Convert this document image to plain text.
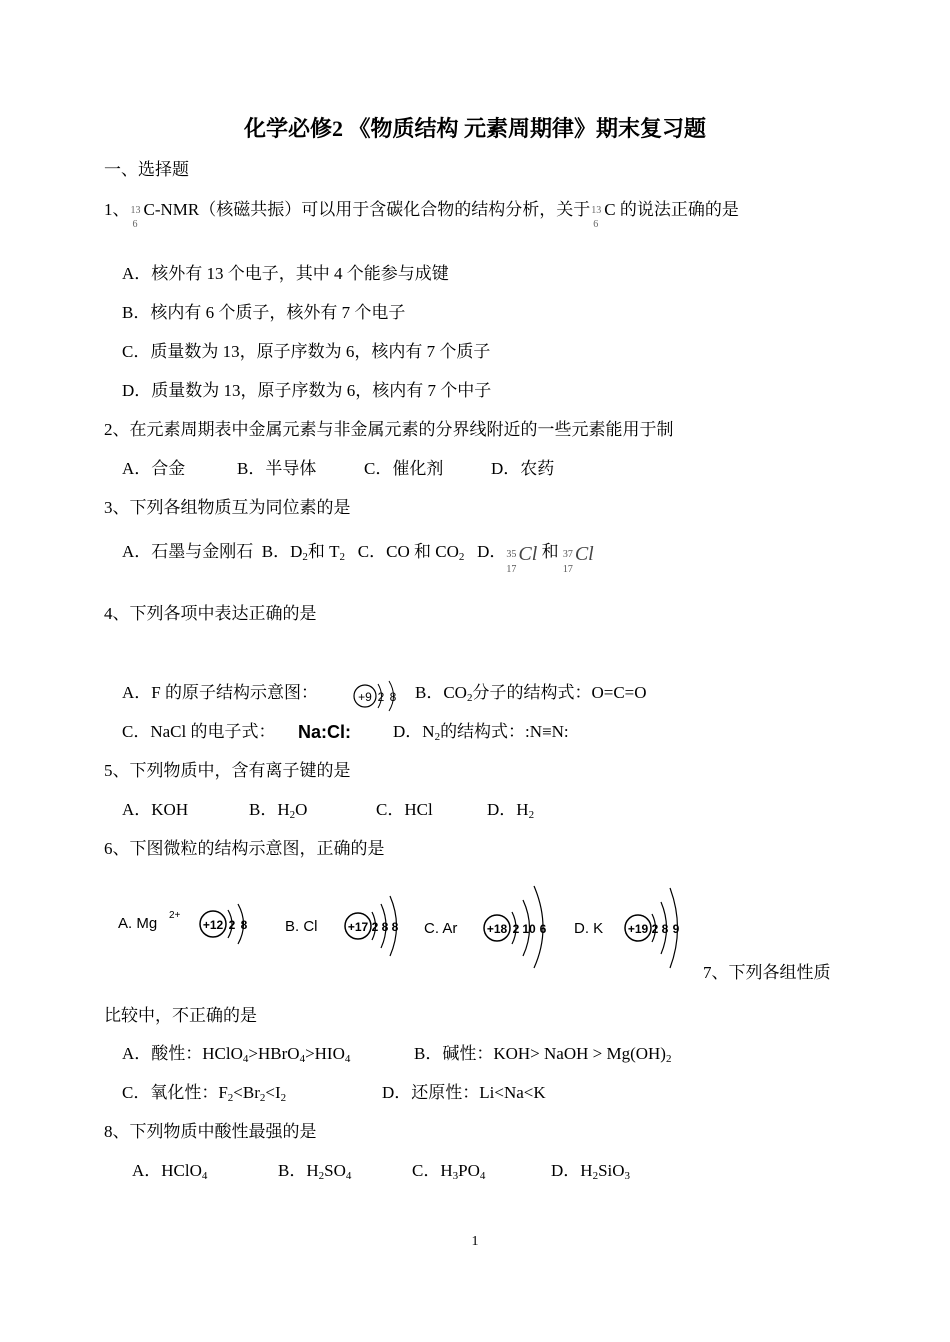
化学必修2 《物质结构 元素周期律》期末复习题
一、选择题
1、 13
6
C-NMR（核磁共振）可以用于含碳化合物的结构分析，关于 13
6
C 的说法正确的是
A．核外有 13 个电子，其中 4 个能参与成键
B．核内有 6 个质子，核外有 7 个电子
C．质量数为 13，原子序数为 6，核内有 7 个质子
D．质量数为 13，原子序数为 6，核内有 7 个中子
2、在元素周期表中金属元素与非金属元素的分界线附近的一些元素能用于制
A．合金	B．半导体	C．催化剂	D．农药
3、下列各组物质互为同位素的是
A．石墨与金刚石 B．$D_2$和 $T_2$ C．CO 和 $CO_2$ D． 35
17
Cl 和 37
17
Cl
4、下列各项中表达正确的是
A．F 的原子结构示意图：	+9 2 8 B．$CO_2$分子的结构式：O=C=O
C．NaCl 的电子式： Na:Cl: D．$N_2$的结构式：:N≡N:
5、下列物质中，含有离子键的是
A．KOH	B．$H_2O$	C．HCl	D．$H_2$
6、下图微粒的结构示意图，正确的是
A. Mg 2+
+12 2 8	B. Cl	+17 2 8 8 C. Ar +18 2 10 6 D. K +19 2 8 9
7、下列各组性质
比较中，不正确的是
A．酸性：$HClO_4>HBrO_4>HIO_4$	B．碱性：KOH> NaOH > $Mg(OH)_2$
C．氧化性：$F_2<Br_2<I_2$	D．还原性：Li<Na<K
8、下列物质中酸性最强的是
A．HClO$_4$	B．$H_2SO_4$	C．$H_3PO_4$	D．$H_2SiO_3$
1
